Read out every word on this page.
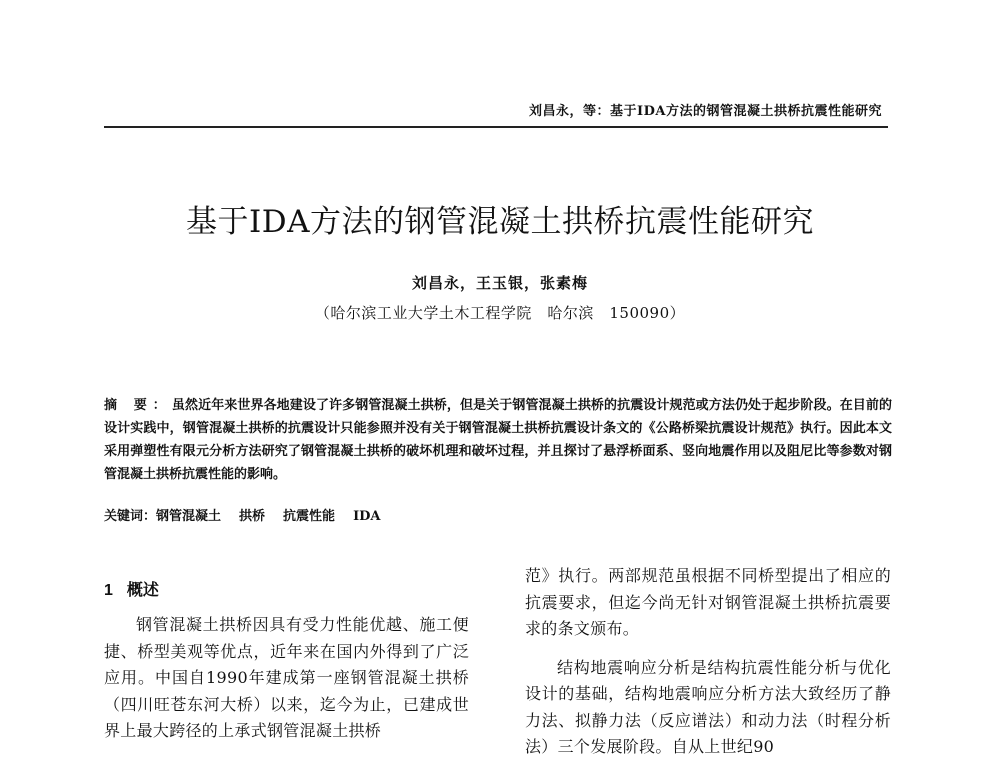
刘昌永，等：基于IDA方法的钢管混凝土拱桥抗震性能研究
基于IDA方法的钢管混凝土拱桥抗震性能研究
刘昌永，王玉银，张素梅
（哈尔滨工业大学土木工程学院　哈尔滨　150090）

摘 要：虽然近年来世界各地建设了许多钢管混凝土拱桥，但是关于钢管混凝土拱桥的抗震设计规范或方法仍处于起步阶段。在目前的设计实践中，钢管混凝土拱桥的抗震设计只能参照并没有关于钢管混凝土拱桥抗震设计条文的《公路桥梁抗震设计规范》执行。因此本文采用弹塑性有限元分析方法研究了钢管混凝土拱桥的破坏机理和破坏过程，并且探讨了悬浮桥面系、竖向地震作用以及阻尼比等参数对钢管混凝土拱桥抗震性能的影响。

关键词：钢管混凝土 拱桥 抗震性能 IDA
1 概述

钢管混凝土拱桥因具有受力性能优越、施工便捷、桥型美观等优点，近年来在国内外得到了广泛应用。中国自1990年建成第一座钢管混凝土拱桥（四川旺苍东河大桥）以来，迄今为止，已建成世界上最大跨径的上承式钢管混凝土拱桥

范》执行。两部规范虽根据不同桥型提出了相应的抗震要求，但迄今尚无针对钢管混凝土拱桥抗震要求的条文颁布。

结构地震响应分析是结构抗震性能分析与优化设计的基础，结构地震响应分析方法大致经历了静力法、拟静力法（反应谱法）和动力法（时程分析法）三个发展阶段。自从上世纪90
